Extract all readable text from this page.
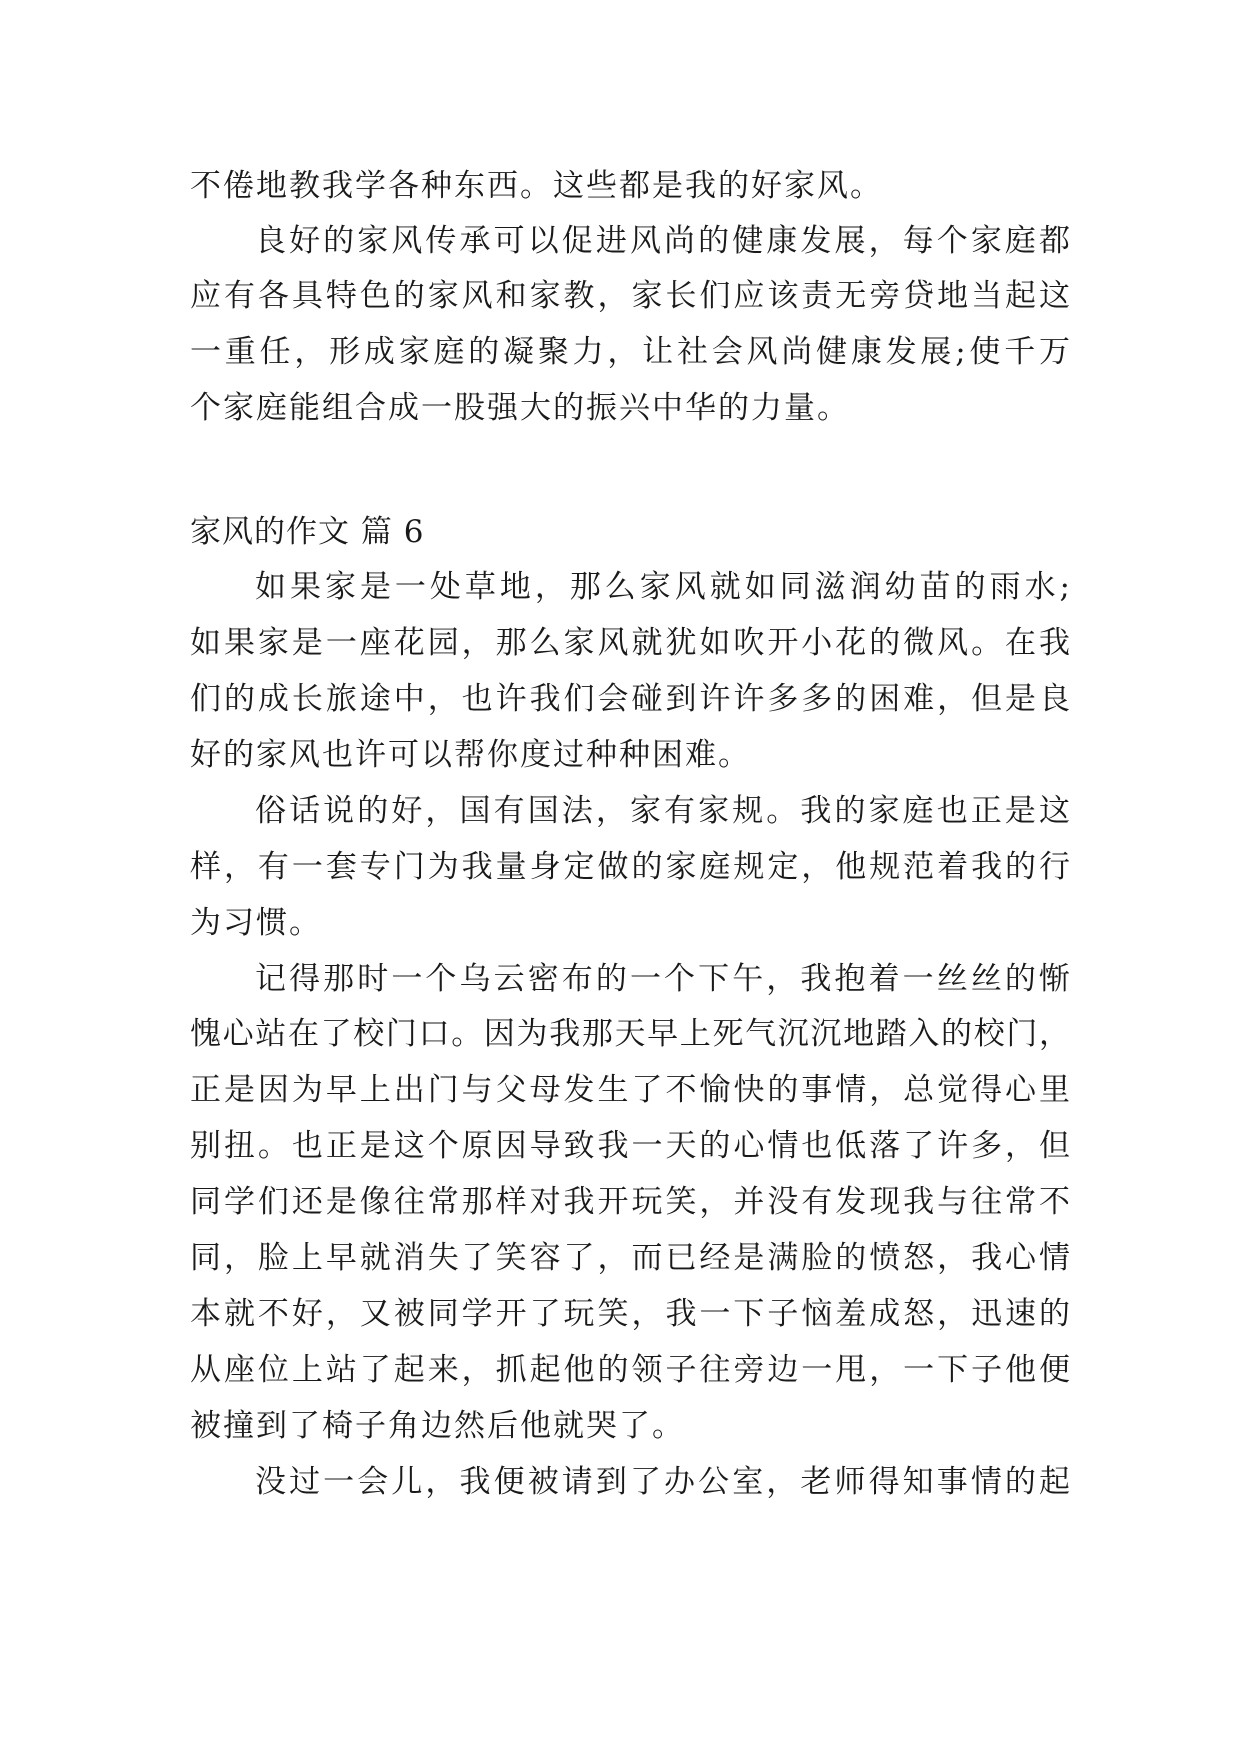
不倦地教我学各种东西。这些都是我的好家风。
良好的家风传承可以促进风尚的健康发展，每个家庭都
应有各具特色的家风和家教，家长们应该责无旁贷地当起这
一重任，形成家庭的凝聚力，让社会风尚健康发展;使千万
个家庭能组合成一股强大的振兴中华的力量。
家风的作文 篇 6
如果家是一处草地，那么家风就如同滋润幼苗的雨水;
如果家是一座花园，那么家风就犹如吹开小花的微风。在我
们的成长旅途中，也许我们会碰到许许多多的困难，但是良
好的家风也许可以帮你度过种种困难。
俗话说的好，国有国法，家有家规。我的家庭也正是这
样，有一套专门为我量身定做的家庭规定，他规范着我的行
为习惯。
记得那时一个乌云密布的一个下午，我抱着一丝丝的惭
愧心站在了校门口。因为我那天早上死气沉沉地踏入的校门，
正是因为早上出门与父母发生了不愉快的事情，总觉得心里
别扭。也正是这个原因导致我一天的心情也低落了许多，但
同学们还是像往常那样对我开玩笑，并没有发现我与往常不
同，脸上早就消失了笑容了，而已经是满脸的愤怒，我心情
本就不好，又被同学开了玩笑，我一下子恼羞成怒，迅速的
从座位上站了起来，抓起他的领子往旁边一甩，一下子他便
被撞到了椅子角边然后他就哭了。
没过一会儿，我便被请到了办公室，老师得知事情的起
